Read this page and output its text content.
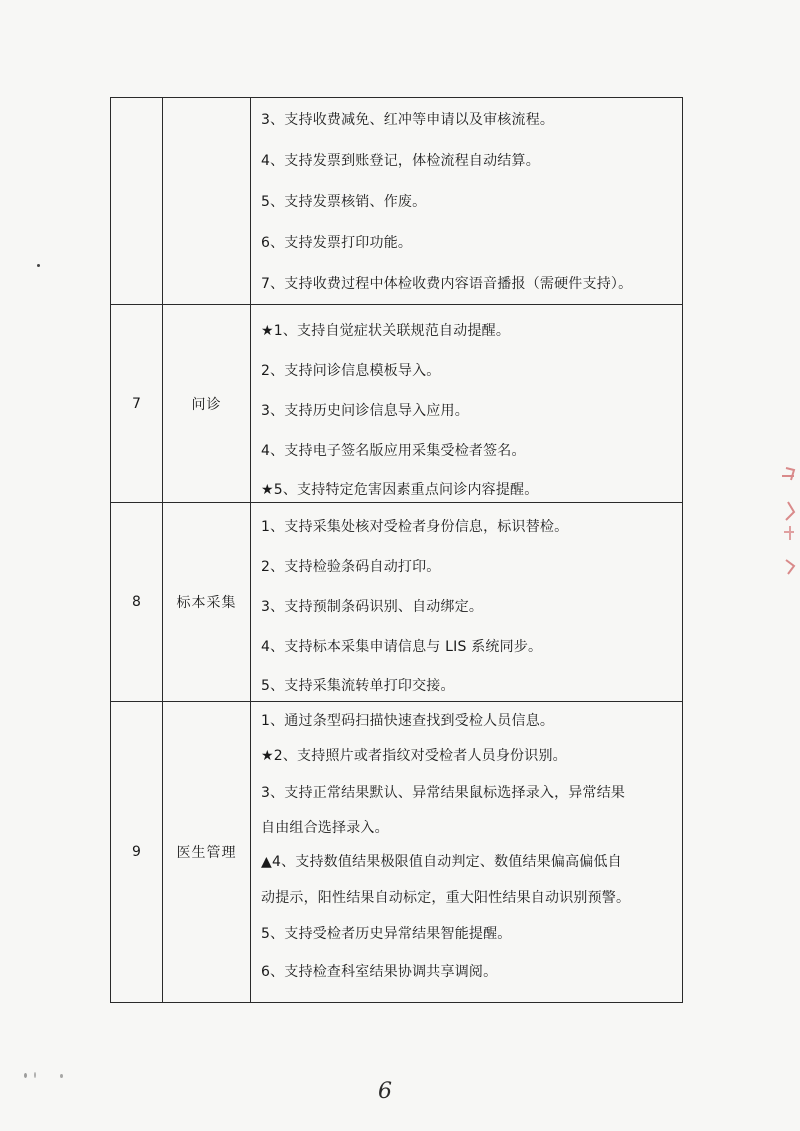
3、支持收费减免、红冲等申请以及审核流程。
4、支持发票到账登记，体检流程自动结算。
5、支持发票核销、作废。
6、支持发票打印功能。
7、支持收费过程中体检收费内容语音播报（需硬件支持）。
7	问诊
★1、支持自觉症状关联规范自动提醒。
2、支持问诊信息模板导入。
3、支持历史问诊信息导入应用。
4、支持电子签名版应用采集受检者签名。
★5、支持特定危害因素重点问诊内容提醒。
8	标本采集
1、支持采集处核对受检者身份信息，标识替检。
2、支持检验条码自动打印。
3、支持预制条码识别、自动绑定。
4、支持标本采集申请信息与 LIS 系统同步。
5、支持采集流转单打印交接。
9	医生管理
1、通过条型码扫描快速查找到受检人员信息。
★2、支持照片或者指纹对受检者人员身份识别。
3、支持正常结果默认、异常结果鼠标选择录入，异常结果
自由组合选择录入。
▲4、支持数值结果极限值自动判定、数值结果偏高偏低自
动提示，阳性结果自动标定，重大阳性结果自动识别预警。
5、支持受检者历史异常结果智能提醒。
6、支持检查科室结果协调共享调阅。
6
